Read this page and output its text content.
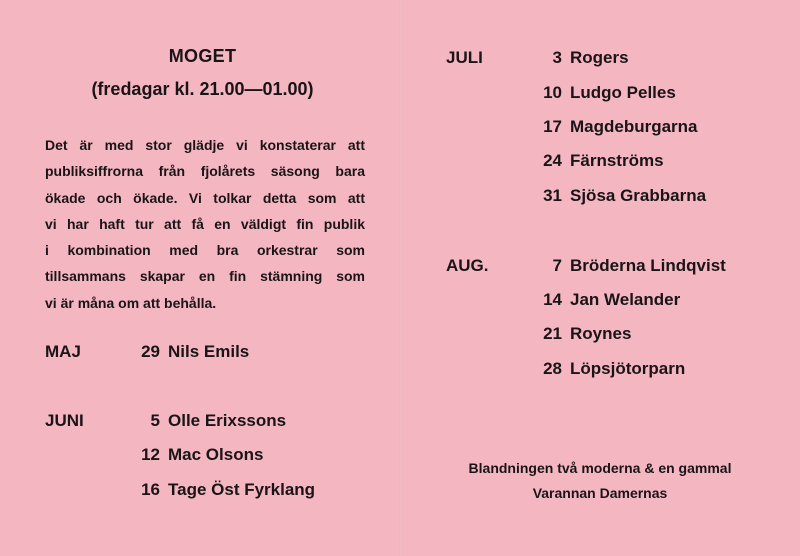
MOGET
(fredagar kl. 21.00—01.00)
Det är med stor glädje vi konstaterar att
publiksiffrorna från fjolårets säsong bara
ökade och ökade. Vi tolkar detta som att
vi har haft tur att få en väldigt fin publik
i kombination med bra orkestrar som
tillsammans skapar en fin stämning som
vi är måna om att behålla.
MAJ	29 Nils Emils
JUNI	5 Olle Erixssons
12 Mac Olsons
16 Tage Öst Fyrklang
JULI	3 Rogers
10 Ludgo Pelles
17 Magdeburgarna
24 Färnströms
31 Sjösa Grabbarna
AUG.	7 Bröderna Lindqvist
14 Jan Welander
21 Roynes
28 Löpsjötorparn
Blandningen två moderna & en gammal
Varannan Damernas
